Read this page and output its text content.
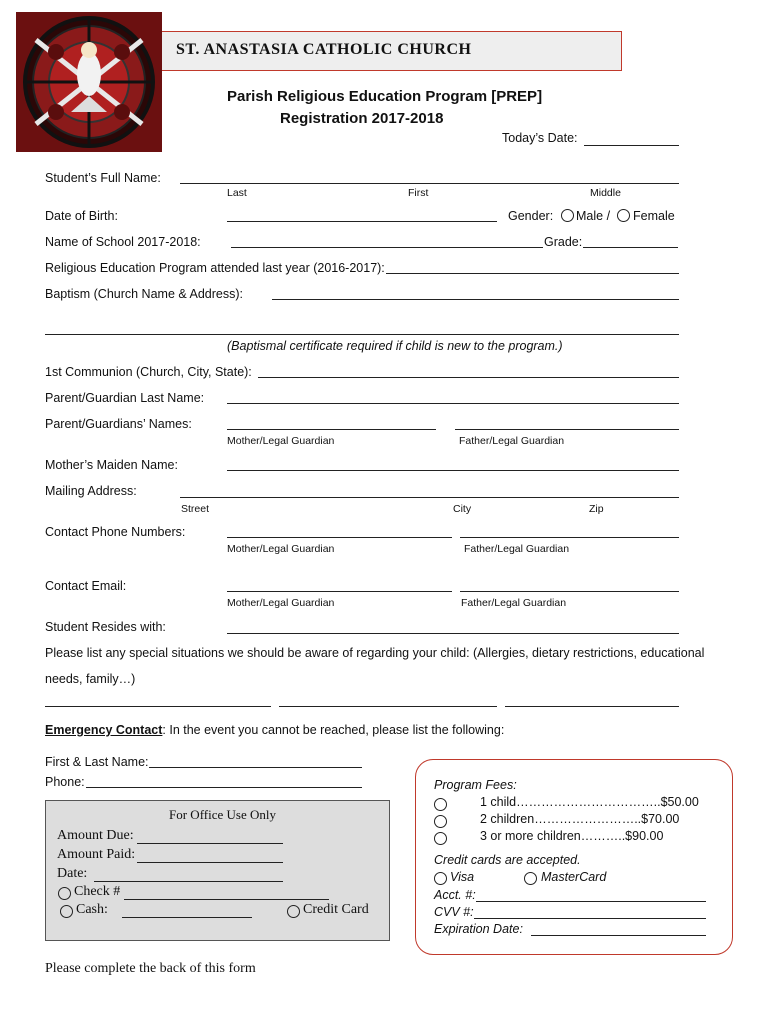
ST. ANASTASIA CATHOLIC CHURCH
Parish Religious Education Program [PREP]
Registration 2017-2018
Today’s Date:
Student’s Full Name:
Last	First	Middle
Date of Birth:	Gender: Male / Female
Name of School 2017-2018:	Grade:
Religious Education Program attended last year (2016-2017):
Baptism (Church Name & Address):
(Baptismal certificate required if child is new to the program.)
1st Communion (Church, City, State):
Parent/Guardian Last Name:
Parent/Guardians’ Names:
Mother/Legal Guardian	Father/Legal Guardian
Mother’s Maiden Name:
Mailing Address:
Street	City	Zip
Contact Phone Numbers:
Mother/Legal Guardian	Father/Legal Guardian
Contact Email:
Mother/Legal Guardian	Father/Legal Guardian
Student Resides with:
Please list any special situations we should be aware of regarding your child: (Allergies, dietary restrictions, educational
needs, family…)
Emergency Contact: In the event you cannot be reached, please list the following:
First & Last Name:
Phone:
For Office Use Only
Amount Due:
Amount Paid:
Date:
Check #
Cash:	Credit Card
Program Fees:
1 child……………………………..$50.00
2 children……………………..$70.00
3 or more children………..$90.00
Credit cards are accepted.
Visa	MasterCard
Acct. #:
CVV #:
Expiration Date:
Please complete the back of this form
